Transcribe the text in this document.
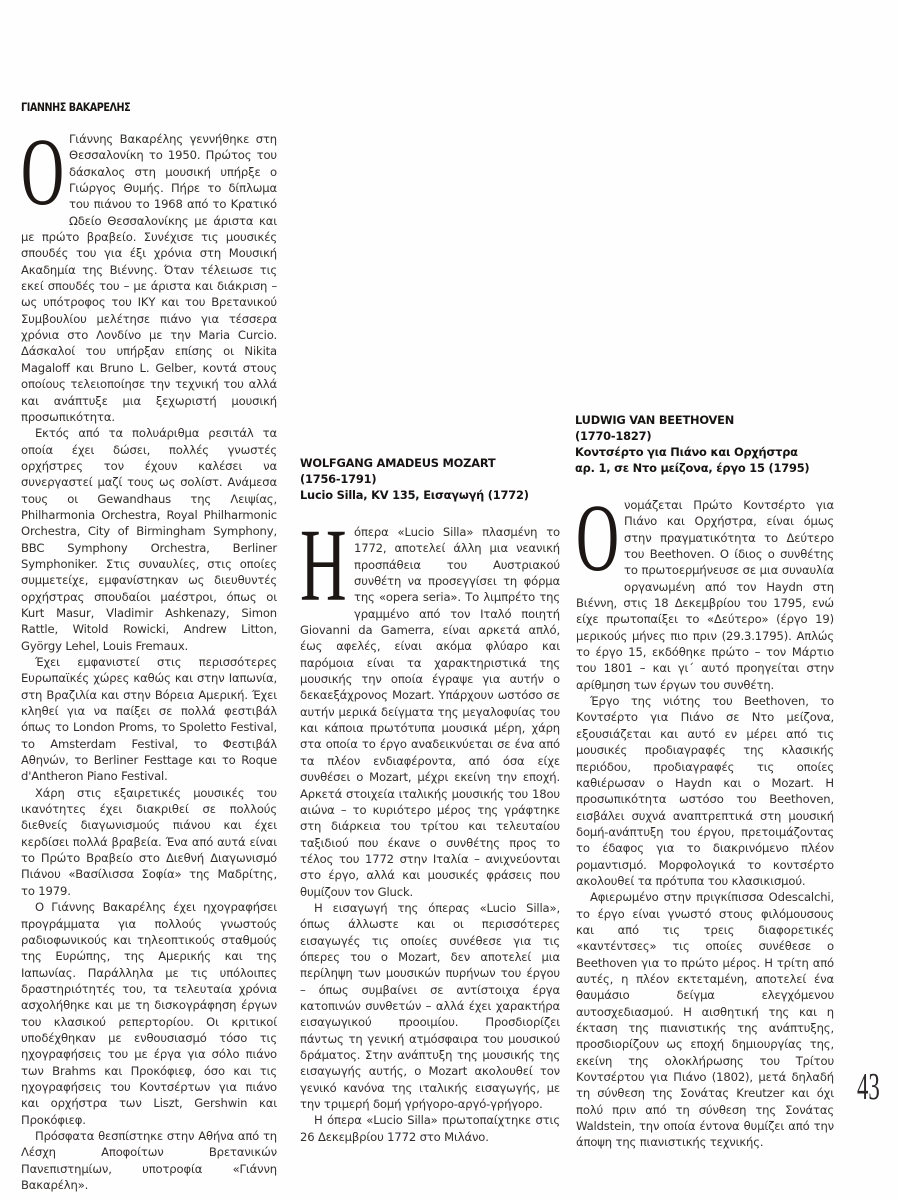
ΓΙΑΝΝΗΣ ΒΑΚΑΡΕΛΗΣ
Ο Γιάννης Βακαρέλης γεννήθηκε στη Θεσσαλονίκη το 1950. Πρώτος του δάσκαλος στη μουσική υπήρξε ο Γιώργος Θυμής. Πήρε το δίπλωμα του πιάνου το 1968 από το Κρατικό Ωδείο Θεσσαλονίκης με άριστα και με πρώτο βραβείο. Συνέχισε τις μουσικές σπουδές του για έξι χρόνια στη Μουσική Ακαδημία της Βιέννης. Όταν τέλειωσε τις εκεί σπουδές του – με άριστα και διάκριση – ως υπότροφος του ΙΚΥ και του Βρετανικού Συμβουλίου μελέτησε πιάνο για τέσσερα χρόνια στο Λονδίνο με την Maria Curcio. Δάσκαλοί του υπήρξαν επίσης οι Nikita Magaloff και Bruno L. Gelber, κοντά στους οποίους τελειοποίησε την τεχνική του αλλά και ανάπτυξε μια ξεχωριστή μουσική προσωπικότητα.

Εκτός από τα πολυάριθμα ρεσιτάλ τα οποία έχει δώσει, πολλές γνωστές ορχήστρες τον έχουν καλέσει να συνεργαστεί μαζί τους ως σολίστ. Ανάμεσα τους οι Gewandhaus της Λειψίας, Philharmonia Orchestra, Royal Philharmonic Orchestra, City of Birmingham Symphony, BBC Symphony Orchestra, Berliner Symphoniker. Στις συναυλίες, στις οποίες συμμετείχε, εμφανίστηκαν ως διευθυντές ορχήστρας σπουδαίοι μαέστροι, όπως οι Kurt Masur, Vladimir Ashkenazy, Simon Rattle, Witold Rowicki, Andrew Litton, György Lehel, Louis Fremaux.

Έχει εμφανιστεί στις περισσότερες Ευρωπαϊκές χώρες καθώς και στην Ιαπωνία, στη Βραζιλία και στην Βόρεια Αμερική. Έχει κληθεί για να παίξει σε πολλά φεστιβάλ όπως το London Proms, το Spoletto Festival, το Amsterdam Festival, το Φεστιβάλ Αθηνών, το Berliner Festtage και το Roque d'Antheron Piano Festival.

Χάρη στις εξαιρετικές μουσικές του ικανότητες έχει διακριθεί σε πολλούς διεθνείς διαγωνισμούς πιάνου και έχει κερδίσει πολλά βραβεία. Ένα από αυτά είναι το Πρώτο Βραβείο στο Διεθνή Διαγωνισμό Πιάνου «Βασίλισσα Σοφία» της Μαδρίτης, το 1979.

Ο Γιάννης Βακαρέλης έχει ηχογραφήσει προγράμματα για πολλούς γνωστούς ραδιοφωνικούς και τηλεοπτικούς σταθμούς της Ευρώπης, της Αμερικής και της Ιαπωνίας. Παράλληλα με τις υπόλοιπες δραστηριότητές του, τα τελευταία χρόνια ασχολήθηκε και με τη δισκογράφηση έργων του κλασικού ρεπερτορίου. Οι κριτικοί υποδέχθηκαν με ενθουσιασμό τόσο τις ηχογραφήσεις του με έργα για σόλο πιάνο των Brahms και Προκόφιεφ, όσο και τις ηχογραφήσεις του Κοντσέρτων για πιάνο και ορχήστρα των Liszt, Gershwin και Προκόφιεφ.

Πρόσφατα θεσπίστηκε στην Αθήνα από τη Λέσχη Αποφοίτων Βρετανικών Πανεπιστημίων, υποτροφία «Γιάννη Βακαρέλη».

WOLFGANG AMADEUS MOZART
(1756-1791)
Lucio Silla, KV 135, Εισαγωγή (1772)
Η όπερα «Lucio Silla» πλασμένη το 1772, αποτελεί άλλη μια νεανική προσπάθεια του Αυστριακού συνθέτη να προσεγγίσει τη φόρμα της «opera seria». Το λιμπρέτο της γραμμένο από τον Ιταλό ποιητή Giovanni da Gamerra, είναι αρκετά απλό, έως αφελές, είναι ακόμα φλύαρο και παρόμοια είναι τα χαρακτηριστικά της μουσικής την οποία έγραψε για αυτήν ο δεκαεξάχρονος Mozart. Υπάρχουν ωστόσο σε αυτήν μερικά δείγματα της μεγαλοφυίας του και κάποια πρωτότυπα μουσικά μέρη, χάρη στα οποία το έργο αναδεικνύεται σε ένα από τα πλέον ενδιαφέροντα, από όσα είχε συνθέσει ο Mozart, μέχρι εκείνη την εποχή. Αρκετά στοιχεία ιταλικής μουσικής του 18ου αιώνα – το κυριότερο μέρος της γράφτηκε στη διάρκεια του τρίτου και τελευταίου ταξιδιού που έκανε ο συνθέτης προς το τέλος του 1772 στην Ιταλία – ανιχνεύονται στο έργο, αλλά και μουσικές φράσεις που θυμίζουν τον Gluck.

Η εισαγωγή της όπερας «Lucio Silla», όπως άλλωστε και οι περισσότερες εισαγωγές τις οποίες συνέθεσε για τις όπερες του ο Mozart, δεν αποτελεί μια περίληψη των μουσικών πυρήνων του έργου – όπως συμβαίνει σε αντίστοιχα έργα κατοπινών συνθετών – αλλά έχει χαρακτήρα εισαγωγικού προοιμίου. Προσδιορίζει πάντως τη γενική ατμόσφαιρα του μουσικού δράματος. Στην ανάπτυξη της μουσικής της εισαγωγής αυτής, ο Mozart ακολουθεί τον γενικό κανόνα της ιταλικής εισαγωγής, με την τριμερή δομή γρήγορο-αργό-γρήγορο.

Η όπερα «Lucio Silla» πρωτοπαίχτηκε στις 26 Δεκεμβρίου 1772 στο Μιλάνο.

LUDWIG VAN BEETHOVEN
(1770-1827)
Κοντσέρτο για Πιάνο και Ορχήστρα
αρ. 1, σε Ντο μείζονα, έργο 15 (1795)
Ο νομάζεται Πρώτο Κοντσέρτο για Πιάνο και Ορχήστρα, είναι όμως στην πραγματικότητα το Δεύτερο του Beethoven. Ο ίδιος ο συνθέτης το πρωτοερμήνευσε σε μια συναυλία οργανωμένη από τον Haydn στη Βιέννη, στις 18 Δεκεμβρίου του 1795, ενώ είχε πρωτοπαίξει το «Δεύτερο» (έργο 19) μερικούς μήνες πιο πριν (29.3.1795). Απλώς το έργο 15, εκδόθηκε πρώτο – τον Μάρτιο του 1801 – και γι΄ αυτό προηγείται στην αρίθμηση των έργων του συνθέτη.

Έργο της νιότης του Beethoven, το Κοντσέρτο για Πιάνο σε Ντο μείζονα, εξουσιάζεται και αυτό εν μέρει από τις μουσικές προδιαγραφές της κλασικής περιόδου, προδιαγραφές τις οποίες καθιέρωσαν ο Haydn και ο Mozart. Η προσωπικότητα ωστόσο του Beethoven, εισβάλει συχνά αναπτρεπτικά στη μουσική δομή-ανάπτυξη του έργου, πρετοιμάζοντας το έδαφος για το διακρινόμενο πλέον ρομαντισμό. Μορφολογικά το κοντσέρτο ακολουθεί τα πρότυπα του κλασικισμού.

Αφιερωμένο στην πριγκίπισσα Odescalchi, το έργο είναι γνωστό στους φιλόμουσους και από τις τρεις διαφορετικές «καντέντσες» τις οποίες συνέθεσε ο Beethoven για το πρώτο μέρος. Η τρίτη από αυτές, η πλέον εκτεταμένη, αποτελεί ένα θαυμάσιο δείγμα ελεγχόμενου αυτοσχεδιασμού. Η αισθητική της και η έκταση της πιανιστικής της ανάπτυξης, προσδιορίζουν ως εποχή δημιουργίας της, εκείνη της ολοκλήρωσης του Τρίτου Κοντσέρτου για Πιάνο (1802), μετά δηλαδή τη σύνθεση της Σονάτας Kreutzer και όχι πολύ πριν από τη σύνθεση της Σονάτας Waldstein, την οποία έντονα θυμίζει από την άποψη της πιανιστικής τεχνικής.

43
